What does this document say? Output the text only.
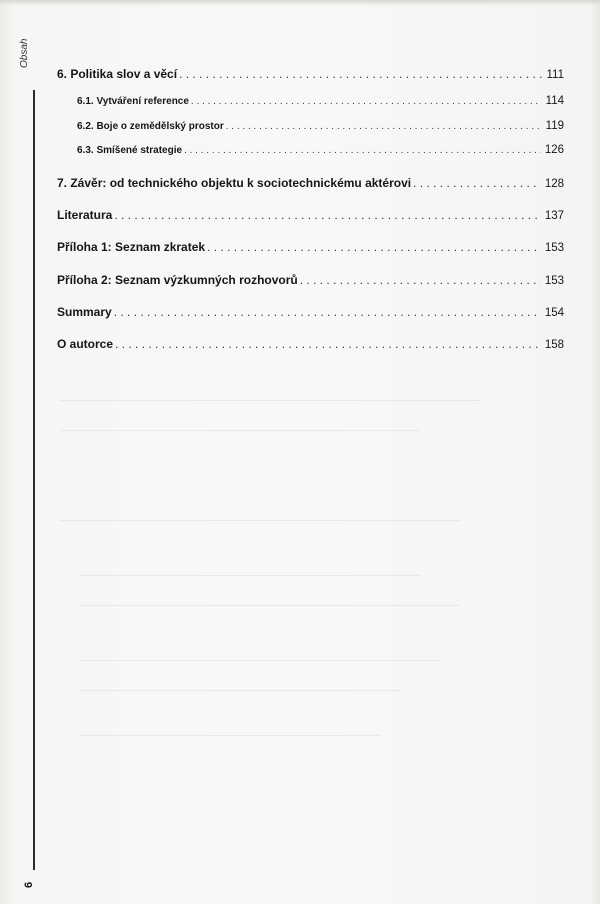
Obsah
6
6. Politika slov a věcí . . .	111
6.1. Vytváření reference . . .	114
6.2. Boje o zemědělský prostor . . .	119
6.3. Smíšené strategie . . .	126
7. Závěr: od technického objektu k sociotechnickému aktérovi . . .	128
Literatura . . .	137
Příloha 1: Seznam zkratek . . .	153
Příloha 2: Seznam výzkumných rozhovorů . . .	153
Summary . . .	154
O autorce . . .	158
